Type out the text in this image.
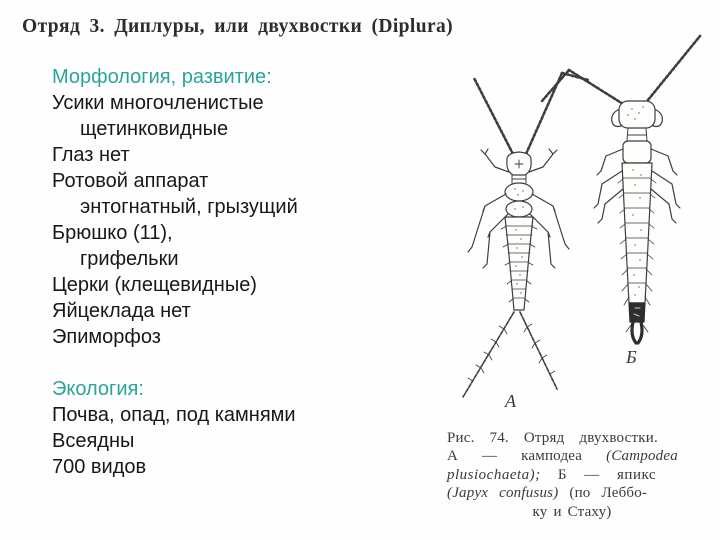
Отряд 3. Диплуры, или двухвостки (Diplura)
Морфология, развитие:
Усики многочленистые
щетинковидные
Глаз нет
Ротовой аппарат
энтогнатный, грызущий
Брюшко (11),
грифельки
Церки (клещевидные)
Яйцеклада нет
Эпиморфоз
Экология:
Почва, опад, под камнями
Всеядны
700 видов
А
Б
Рис. 74. Отряд двухвостки.
А — камподеа (Campodea
plusiochaeta); Б — япикс
(Japyx confusus) (по Леббо-
ку и Стаху)
